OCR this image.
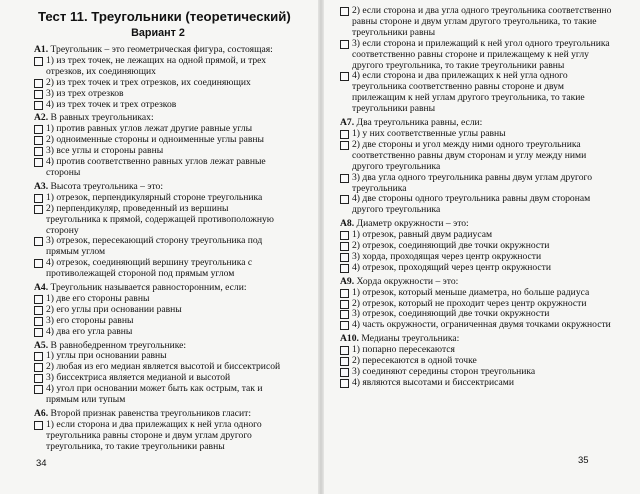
Тест 11. Треугольники (теоретический)
Вариант 2
А1. Треугольник – это геометрическая фигура, состоящая:
1) из трех точек, не лежащих на одной прямой, и трех отрезков, их соединяющих
2) из трех точек и трех отрезков, их соединяющих
3) из трех отрезков
4) из трех точек и трех отрезков
А2. В равных треугольниках:
1) против равных углов лежат другие равные углы
2) одноименные стороны и одноименные углы равны
3) все углы и стороны равны
4) против соответственно равных углов лежат равные стороны
А3. Высота треугольника – это:
1) отрезок, перпендикулярный стороне треугольника
2) перпендикуляр, проведенный из вершины треугольника к прямой, содержащей противоположную сторону
3) отрезок, пересекающий сторону треугольника под прямым углом
4) отрезок, соединяющий вершину треугольника с противолежащей стороной под прямым углом
А4. Треугольник называется равносторонним, если:
1) две его стороны равны
2) его углы при основании равны
3) его стороны равны
4) два его угла равны
А5. В равнобедренном треугольнике:
1) углы при основании равны
2) любая из его медиан является высотой и биссектрисой
3) биссектриса является медианой и высотой
4) угол при основании может быть как острым, так и прямым или тупым
А6. Второй признак равенства треугольников гласит:
1) если сторона и два прилежащих к ней угла одного треугольника равны стороне и двум углам другого треугольника, то такие треугольники равны
34
2) если сторона и два угла одного треугольника соответственно равны стороне и двум углам другого треугольника, то такие треугольники равны
3) если сторона и прилежащий к ней угол одного треугольника соответственно равны стороне и прилежащему к ней углу другого треугольника, то такие треугольники равны
4) если сторона и два прилежащих к ней угла одного треугольника соответственно равны стороне и двум прилежащим к ней углам другого треугольника, то такие треугольники равны
А7. Два треугольника равны, если:
1) у них соответственные углы равны
2) две стороны и угол между ними одного треугольника соответственно равны двум сторонам и углу между ними другого треугольника
3) два угла одного треугольника равны двум углам другого треугольника
4) две стороны одного треугольника равны двум сторонам другого треугольника
А8. Диаметр окружности – это:
1) отрезок, равный двум радиусам
2) отрезок, соединяющий две точки окружности
3) хорда, проходящая через центр окружности
4) отрезок, проходящий через центр окружности
А9. Хорда окружности – это:
1) отрезок, который меньше диаметра, но больше радиуса
2) отрезок, который не проходит через центр окружности
3) отрезок, соединяющий две точки окружности
4) часть окружности, ограниченная двумя точками окружности
А10. Медианы треугольника:
1) попарно пересекаются
2) пересекаются в одной точке
3) соединяют середины сторон треугольника
4) являются высотами и биссектрисами
35
